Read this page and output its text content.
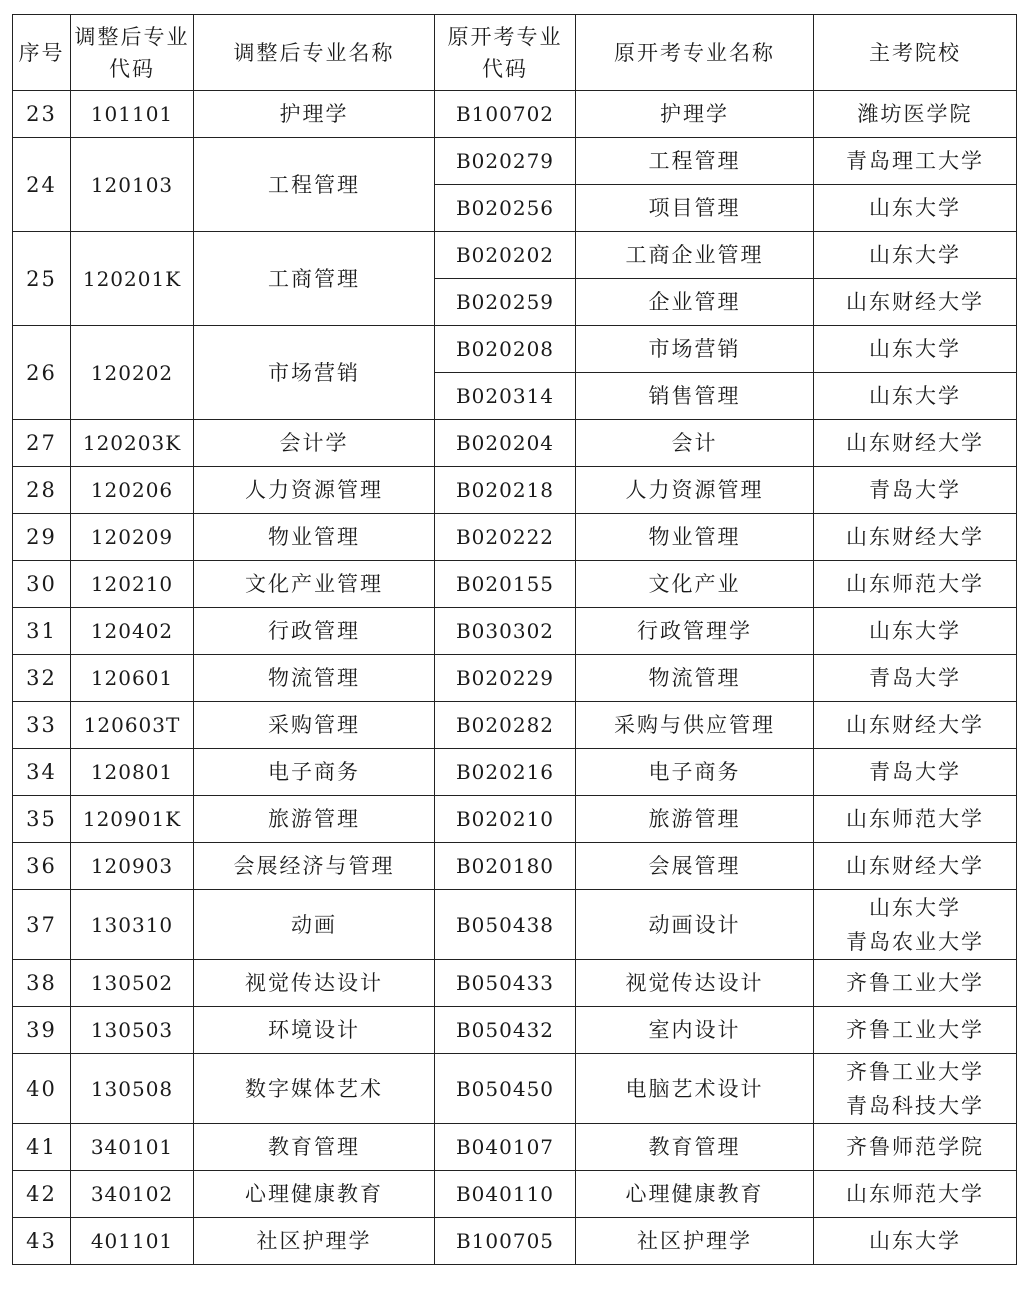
序号	调整后专业代码	调整后专业名称	原开考专业代码	原开考专业名称	主考院校
23	101101	护理学	B100702	护理学	潍坊医学院

24	120103	工程管理	B020279	工程管理	青岛理工大学

			B020256	项目管理	山东大学

25	120201K	工商管理	B020202	工商企业管理	山东大学

			B020259	企业管理	山东财经大学

26	120202	市场营销	B020208	市场营销	山东大学

			B020314	销售管理	山东大学

27	120203K	会计学	B020204	会计	山东财经大学

28	120206	人力资源管理	B020218	人力资源管理	青岛大学

29	120209	物业管理	B020222	物业管理	山东财经大学

30	120210	文化产业管理	B020155	文化产业	山东师范大学

31	120402	行政管理	B030302	行政管理学	山东大学

32	120601	物流管理	B020229	物流管理	青岛大学

33	120603T	采购管理	B020282	采购与供应管理	山东财经大学

34	120801	电子商务	B020216	电子商务	青岛大学

35	120901K	旅游管理	B020210	旅游管理	山东师范大学

36	120903	会展经济与管理	B020180	会展管理	山东财经大学

37	130310	动画	B050438	动画设计	山东大学
青岛农业大学

38	130502	视觉传达设计	B050433	视觉传达设计	齐鲁工业大学

39	130503	环境设计	B050432	室内设计	齐鲁工业大学

40	130508	数字媒体艺术	B050450	电脑艺术设计	齐鲁工业大学
青岛科技大学

41	340101	教育管理	B040107	教育管理	齐鲁师范学院

42	340102	心理健康教育	B040110	心理健康教育	山东师范大学

43	401101	社区护理学	B100705	社区护理学	山东大学
